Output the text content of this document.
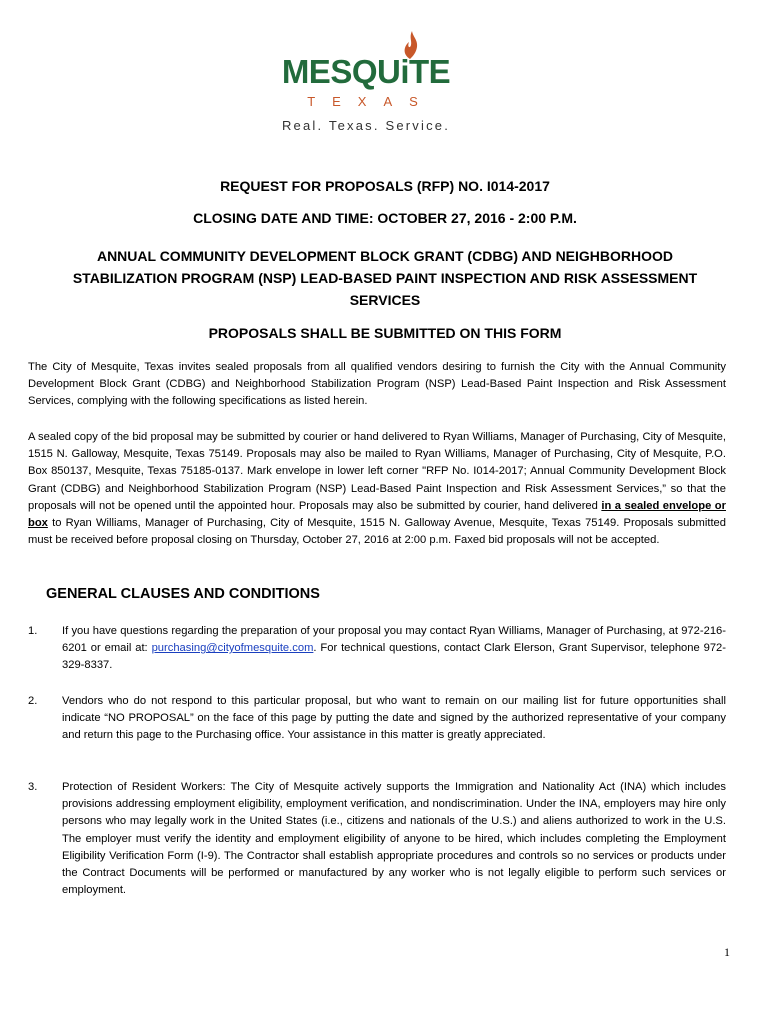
MESQUiTE
TEXAS
Real. Texas. Service.
REQUEST FOR PROPOSALS (RFP) NO. I014-2017
CLOSING DATE AND TIME: OCTOBER 27, 2016 - 2:00 P.M.
ANNUAL COMMUNITY DEVELOPMENT BLOCK GRANT (CDBG) AND NEIGHBORHOOD
STABILIZATION PROGRAM (NSP) LEAD-BASED PAINT INSPECTION AND RISK ASSESSMENT
SERVICES
PROPOSALS SHALL BE SUBMITTED ON THIS FORM
The City of Mesquite, Texas invites sealed proposals from all qualified vendors desiring to furnish the City with the Annual Community Development Block Grant (CDBG) and Neighborhood Stabilization Program (NSP) Lead-Based Paint Inspection and Risk Assessment Services, complying with the following specifications as listed herein.
A sealed copy of the bid proposal may be submitted by courier or hand delivered to Ryan Williams, Manager of Purchasing, City of Mesquite, 1515 N. Galloway, Mesquite, Texas 75149. Proposals may also be mailed to Ryan Williams, Manager of Purchasing, City of Mesquite, P.O. Box 850137, Mesquite, Texas 75185-0137. Mark envelope in lower left corner "RFP No. I014-2017; Annual Community Development Block Grant (CDBG) and Neighborhood Stabilization Program (NSP) Lead-Based Paint Inspection and Risk Assessment Services,” so that the proposals will not be opened until the appointed hour. Proposals may also be submitted by courier, hand delivered in a sealed envelope or box to Ryan Williams, Manager of Purchasing, City of Mesquite, 1515 N. Galloway Avenue, Mesquite, Texas 75149. Proposals submitted must be received before proposal closing on Thursday, October 27, 2016 at 2:00 p.m. Faxed bid proposals will not be accepted.
GENERAL CLAUSES AND CONDITIONS
1. If you have questions regarding the preparation of your proposal you may contact Ryan Williams, Manager of Purchasing, at 972-216-6201 or email at: purchasing@cityofmesquite.com. For technical questions, contact Clark Elerson, Grant Supervisor, telephone 972-329-8337.
2. Vendors who do not respond to this particular proposal, but who want to remain on our mailing list for future opportunities shall indicate “NO PROPOSAL” on the face of this page by putting the date and signed by the authorized representative of your company and return this page to the Purchasing office. Your assistance in this matter is greatly appreciated.
3. Protection of Resident Workers: The City of Mesquite actively supports the Immigration and Nationality Act (INA) which includes provisions addressing employment eligibility, employment verification, and nondiscrimination. Under the INA, employers may hire only persons who may legally work in the United States (i.e., citizens and nationals of the U.S.) and aliens authorized to work in the U.S. The employer must verify the identity and employment eligibility of anyone to be hired, which includes completing the Employment Eligibility Verification Form (I-9). The Contractor shall establish appropriate procedures and controls so no services or products under the Contract Documents will be performed or manufactured by any worker who is not legally eligible to perform such services or employment.
1
